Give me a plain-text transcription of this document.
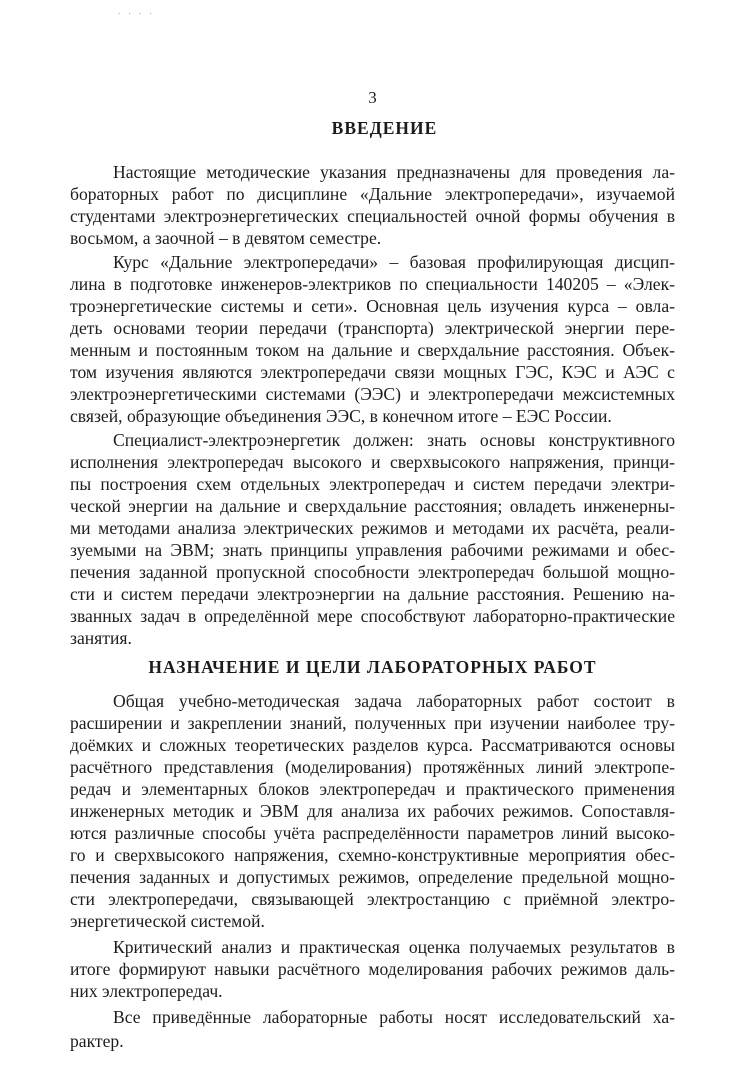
. . . .
3
ВВЕДЕНИЕ
Настоящие методические указания предназначены для проведения ла-
бораторных работ по дисциплине «Дальние электропередачи», изучаемой
студентами электроэнергетических специальностей очной формы обучения в
восьмом, а заочной – в девятом семестре.
Курс «Дальние электропередачи» – базовая профилирующая дисцип-
лина в подготовке инженеров-электриков по специальности 140205 – «Элек-
троэнергетические системы и сети». Основная цель изучения курса – овла-
деть основами теории передачи (транспорта) электрической энергии пере-
менным и постоянным током на дальние и сверхдальние расстояния. Объек-
том изучения являются электропередачи связи мощных ГЭС, КЭС и АЭС с
электроэнергетическими системами (ЭЭС) и электропередачи межсистемных
связей, образующие объединения ЭЭС, в конечном итоге – ЕЭС России.
Специалист-электроэнергетик должен: знать основы конструктивного
исполнения электропередач высокого и сверхвысокого напряжения, принци-
пы построения схем отдельных электропередач и систем передачи электри-
ческой энергии на дальние и сверхдальние расстояния; овладеть инженерны-
ми методами анализа электрических режимов и методами их расчёта, реали-
зуемыми на ЭВМ; знать принципы управления рабочими режимами и обес-
печения заданной пропускной способности электропередач большой мощно-
сти и систем передачи электроэнергии на дальние расстояния. Решению на-
званных задач в определённой мере способствуют лабораторно-практические
занятия.
НАЗНАЧЕНИЕ И ЦЕЛИ ЛАБОРАТОРНЫХ РАБОТ
Общая учебно-методическая задача лабораторных работ состоит в
расширении и закреплении знаний, полученных при изучении наиболее тру-
доёмких и сложных теоретических разделов курса. Рассматриваются основы
расчётного представления (моделирования) протяжённых линий электропе-
редач и элементарных блоков электропередач и практического применения
инженерных методик и ЭВМ для анализа их рабочих режимов. Сопоставля-
ются различные способы учёта распределённости параметров линий высоко-
го и сверхвысокого напряжения, схемно-конструктивные мероприятия обес-
печения заданных и допустимых режимов, определение предельной мощно-
сти электропередачи, связывающей электростанцию с приёмной электро-
энергетической системой.
Критический анализ и практическая оценка получаемых результатов в
итоге формируют навыки расчётного моделирования рабочих режимов даль-
них электропередач.
Все приведённые лабораторные работы носят исследовательский ха-
рактер.
